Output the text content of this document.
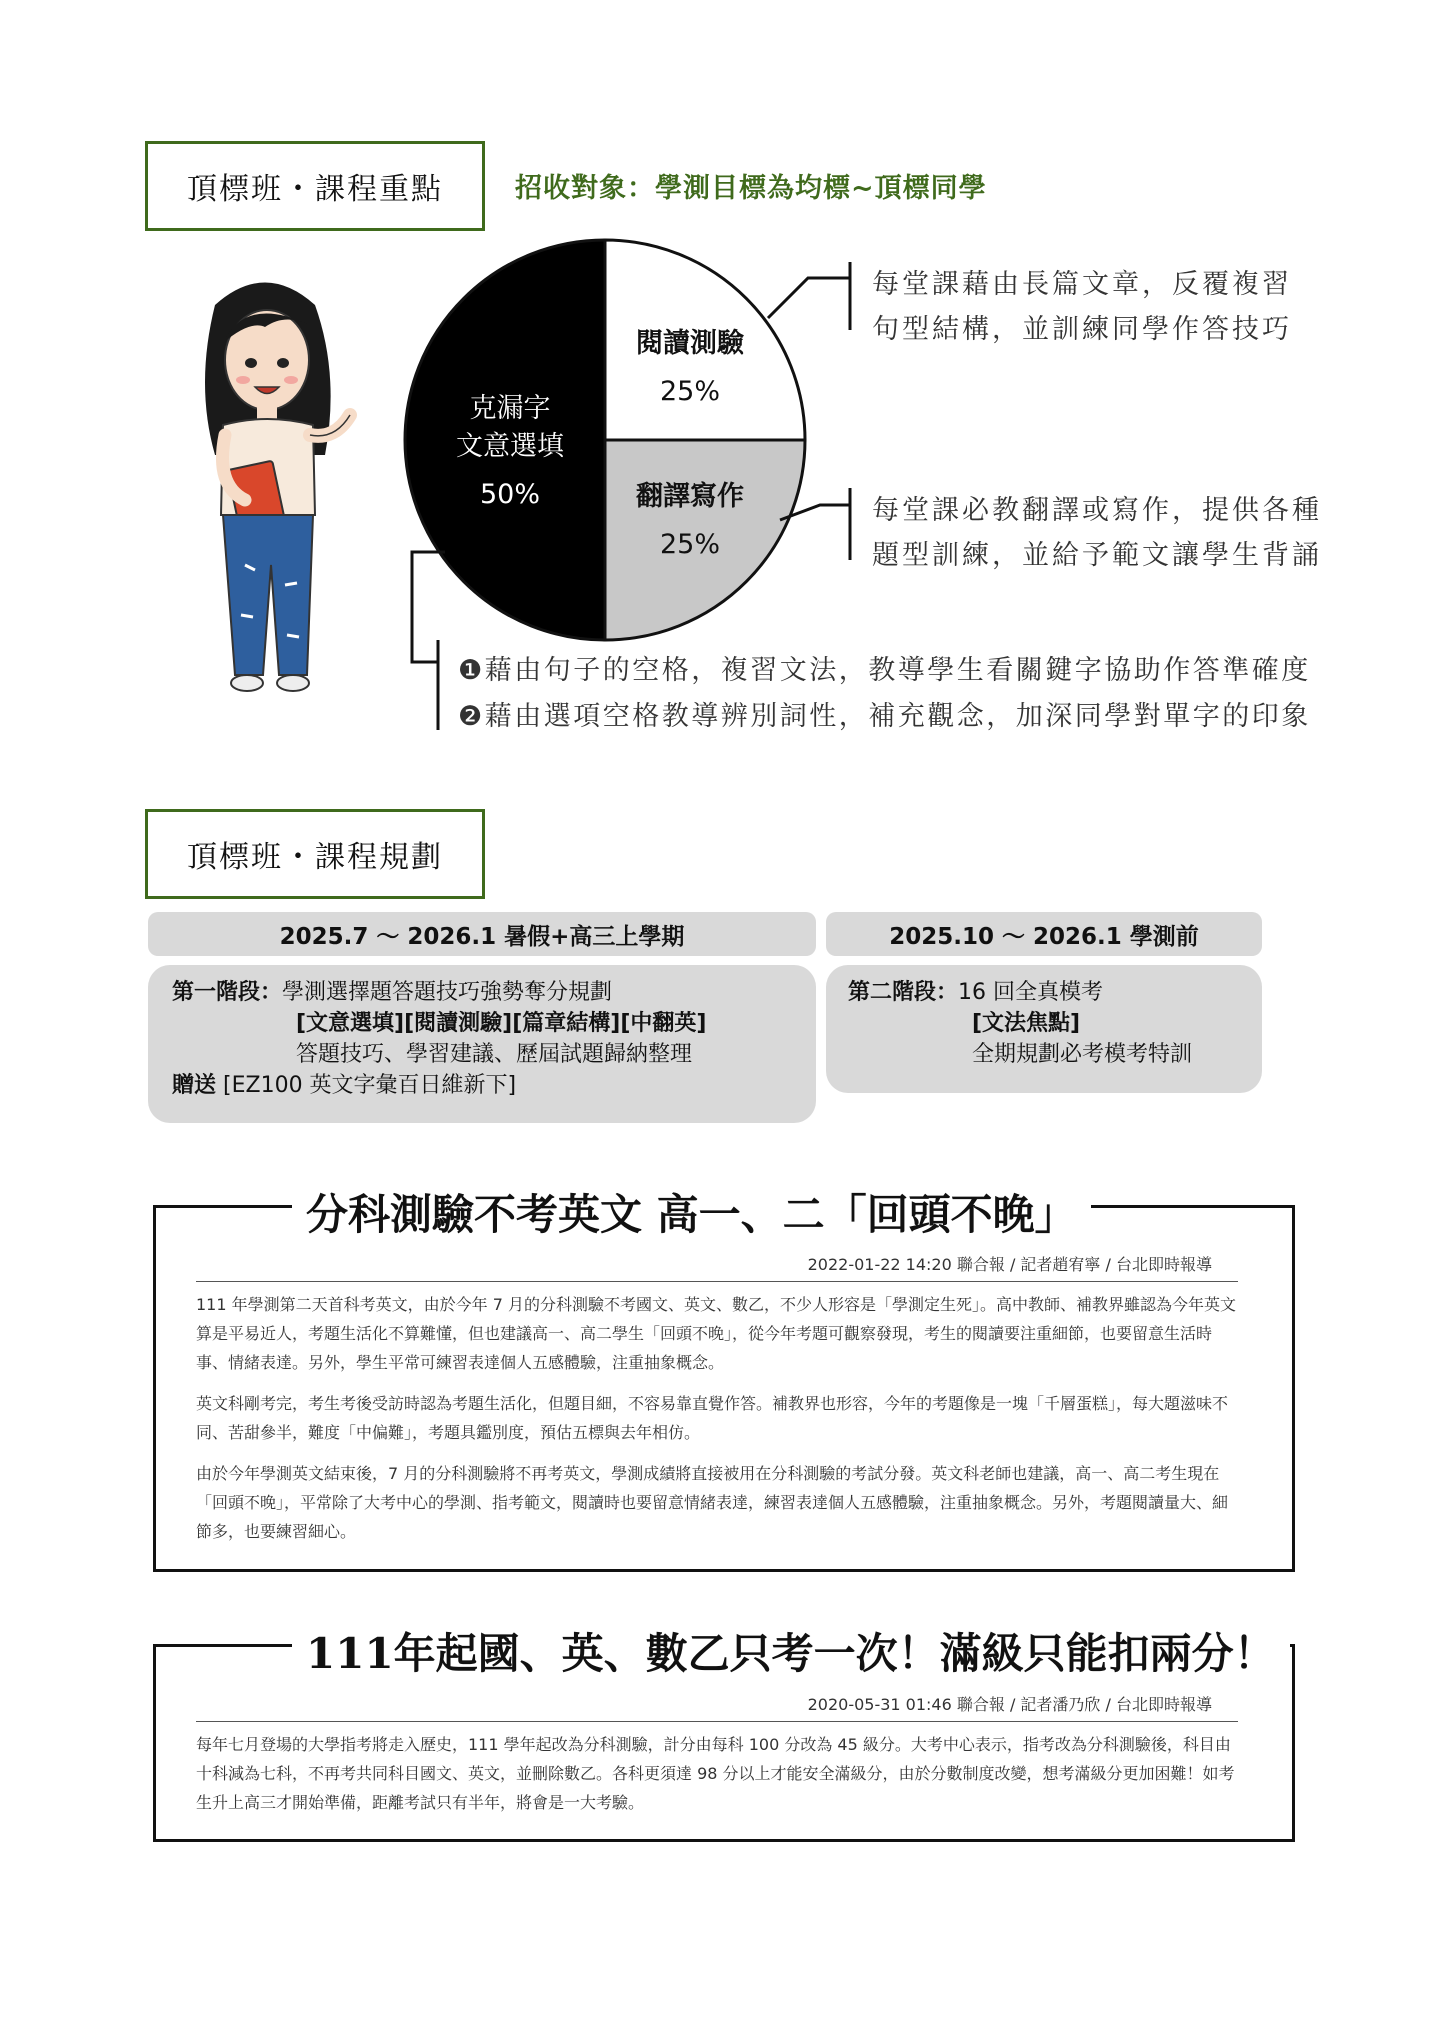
頂標班・課程重點	招收對象：學測目標為均標~頂標同學
克漏字
文意選填
50%
閱讀測驗
25%
翻譯寫作
25%
每堂課藉由長篇文章，反覆複習
句型結構，並訓練同學作答技巧
每堂課必教翻譯或寫作，提供各種
題型訓練，並給予範文讓學生背誦
❶藉由句子的空格，複習文法，教導學生看關鍵字協助作答準確度
❷藉由選項空格教導辨別詞性，補充觀念，加深同學對單字的印象
頂標班・課程規劃
2025.7 ～ 2026.1 暑假+高三上學期	2025.10 ～ 2026.1 學測前
第一階段：學測選擇題答題技巧強勢奪分規劃
[文意選填][閱讀測驗][篇章結構][中翻英]
答題技巧、學習建議、歷屆試題歸納整理
贈送 [EZ100 英文字彙百日維新下]
第二階段：16 回全真模考
[文法焦點]
全期規劃必考模考特訓
分科測驗不考英文 高一、二「回頭不晚」
2022-01-22 14:20 聯合報 / 記者趙宥寧 / 台北即時報導
111 年學測第二天首科考英文，由於今年 7 月的分科測驗不考國文、英文、數乙，不少人形容是「學測定生死」。高中教師、補教界雖認為今年英文算是平易近人，考題生活化不算難懂，但也建議高一、高二學生「回頭不晚」，從今年考題可觀察發現，考生的閱讀要注重細節，也要留意生活時事、情緒表達。另外，學生平常可練習表達個人五感體驗，注重抽象概念。
英文科剛考完，考生考後受訪時認為考題生活化，但題目細，不容易靠直覺作答。補教界也形容，今年的考題像是一塊「千層蛋糕」，每大題滋味不同、苦甜參半，難度「中偏難」，考題具鑑別度，預估五標與去年相仿。
由於今年學測英文結束後，7 月的分科測驗將不再考英文，學測成績將直接被用在分科測驗的考試分發。英文科老師也建議，高一、高二考生現在「回頭不晚」，平常除了大考中心的學測、指考範文，閱讀時也要留意情緒表達，練習表達個人五感體驗，注重抽象概念。另外，考題閱讀量大、細節多，也要練習細心。
111年起國、英、數乙只考一次！滿級只能扣兩分！
2020-05-31 01:46 聯合報 / 記者潘乃欣 / 台北即時報導
每年七月登場的大學指考將走入歷史，111 學年起改為分科測驗，計分由每科 100 分改為 45 級分。大考中心表示，指考改為分科測驗後，科目由十科減為七科，不再考共同科目國文、英文，並刪除數乙。各科更須達 98 分以上才能安全滿級分，由於分數制度改變，想考滿級分更加困難！如考生升上高三才開始準備，距離考試只有半年，將會是一大考驗。
